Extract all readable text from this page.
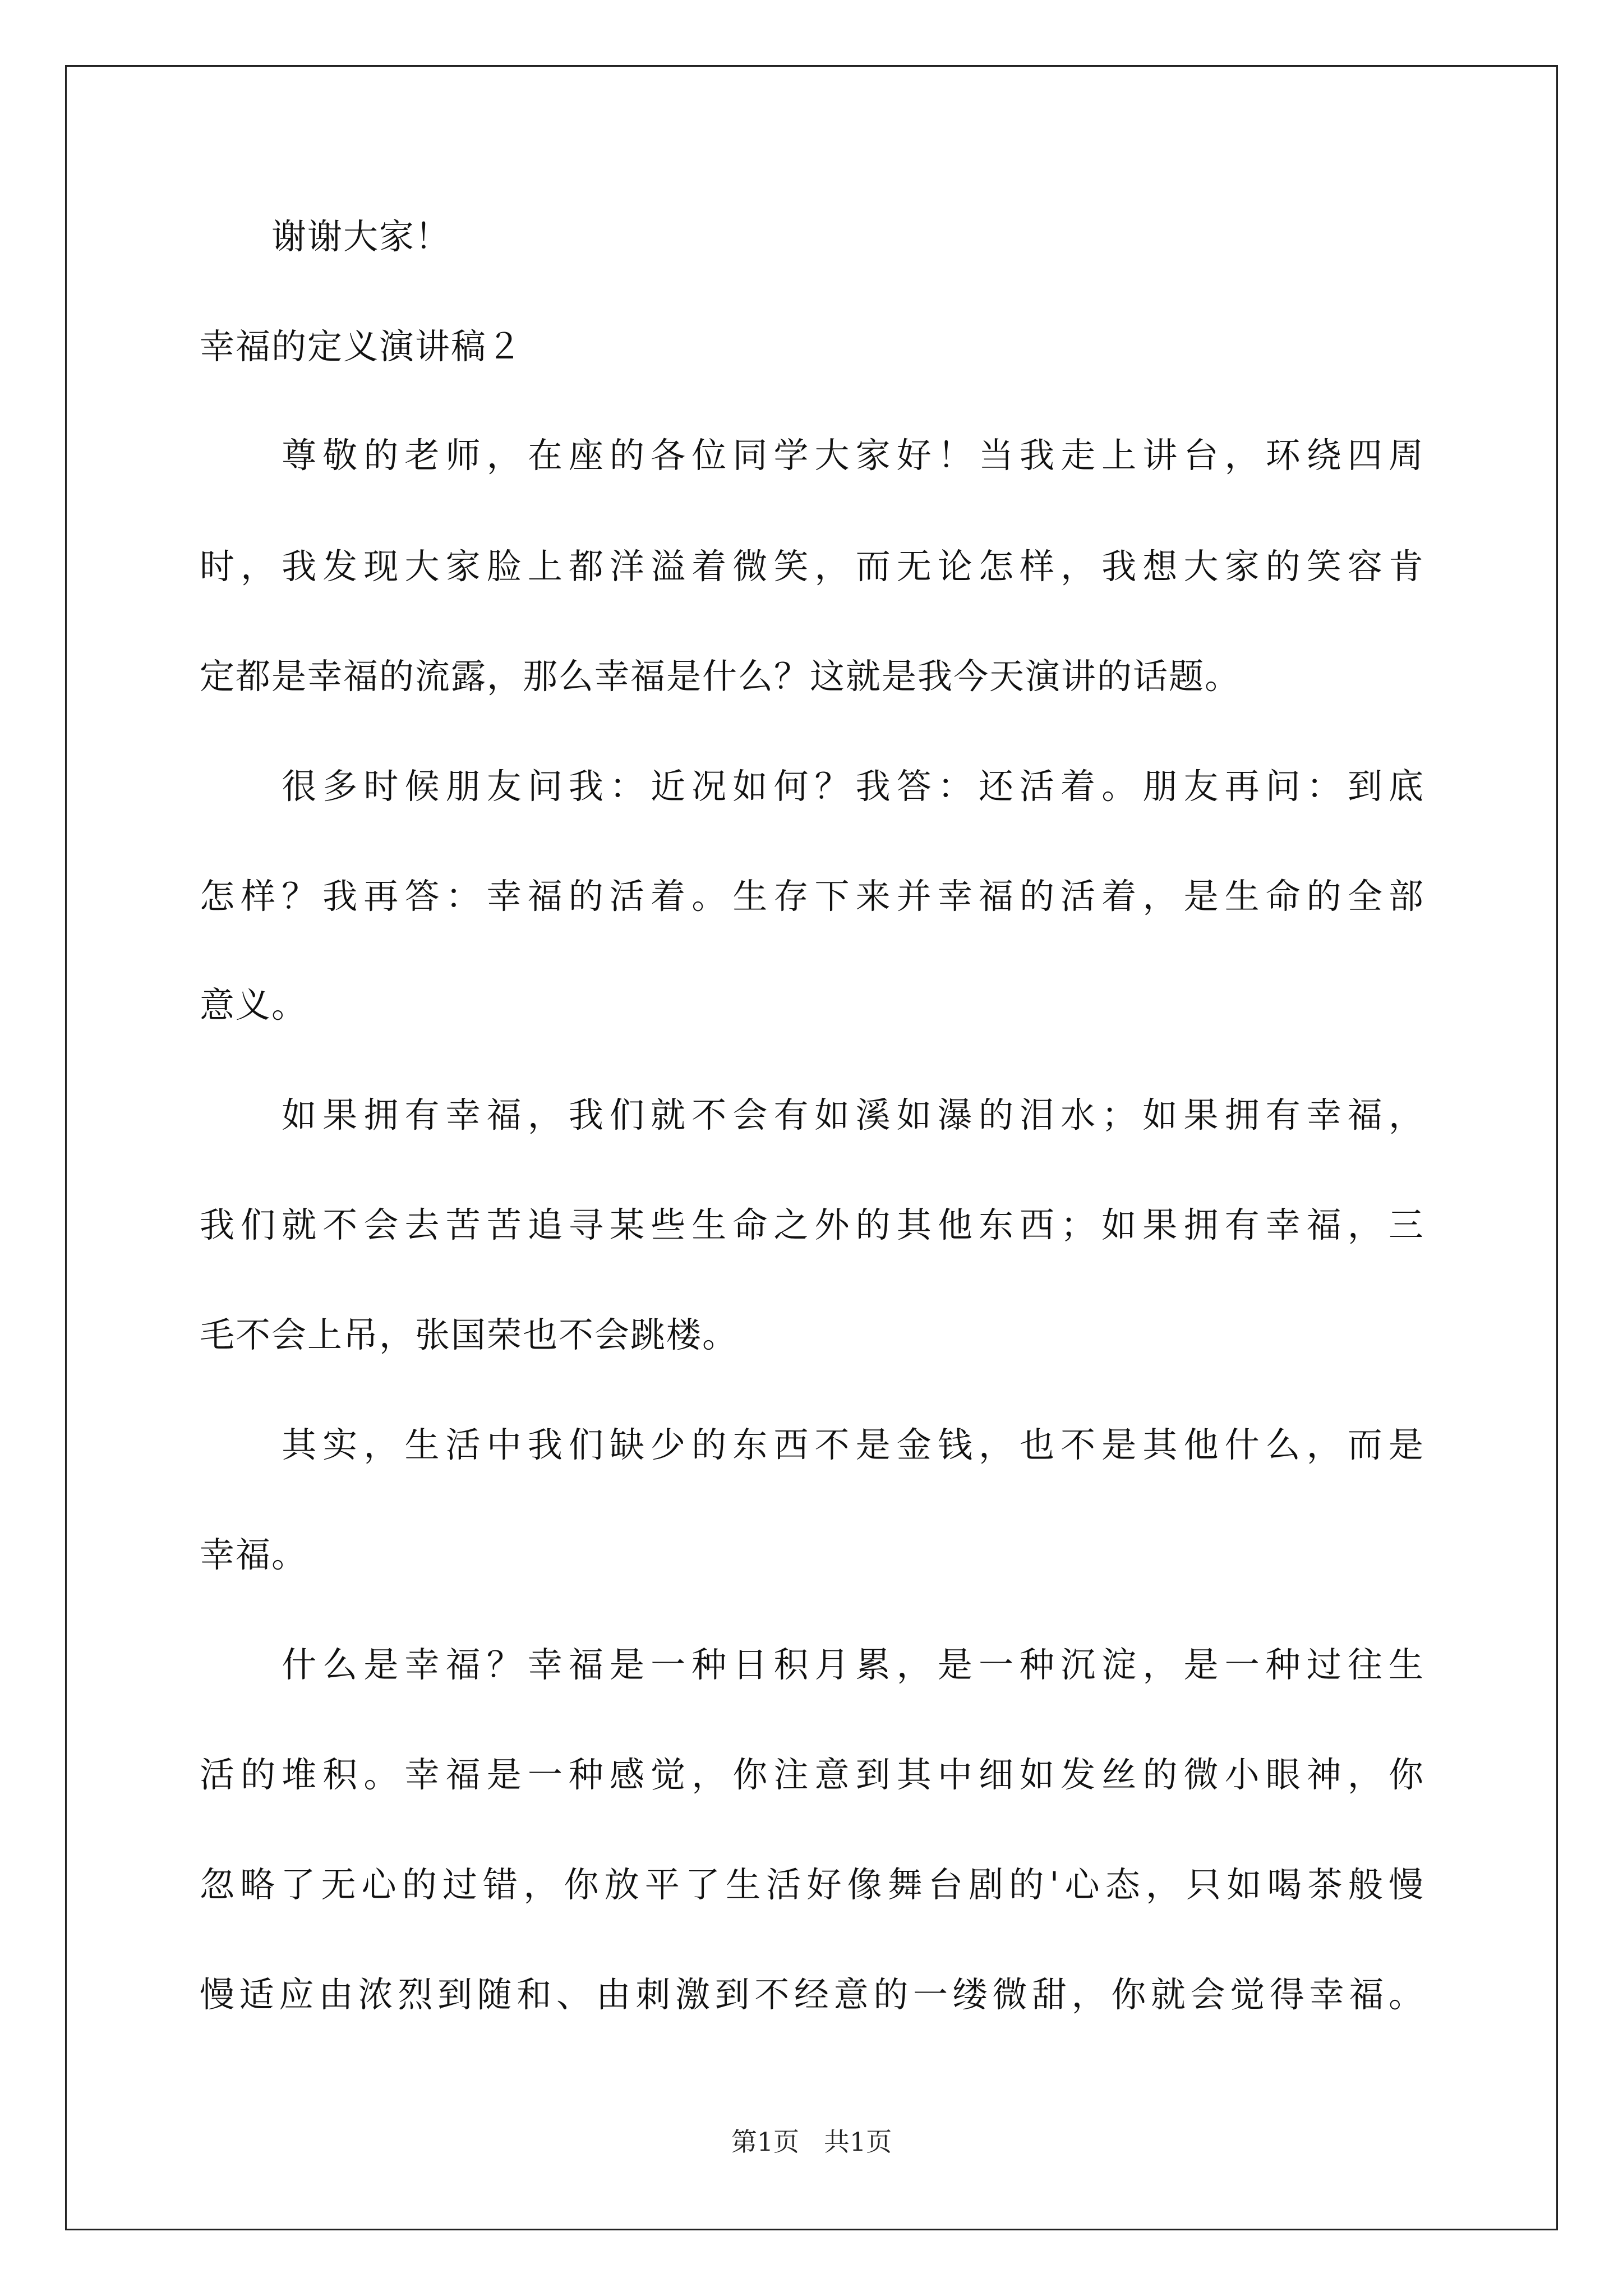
　　谢谢大家！
幸福的定义演讲稿２
　　尊敬的老师，在座的各位同学大家好！当我走上讲台，环绕四周
时，我发现大家脸上都洋溢着微笑，而无论怎样，我想大家的笑容肯
定都是幸福的流露，那么幸福是什么？这就是我今天演讲的话题。
　　很多时候朋友问我：近况如何？我答：还活着。朋友再问：到底
怎样？我再答：幸福的活着。生存下来并幸福的活着，是生命的全部
意义。
　　如果拥有幸福，我们就不会有如溪如瀑的泪水；如果拥有幸福，
我们就不会去苦苦追寻某些生命之外的其他东西；如果拥有幸福，三
毛不会上吊，张国荣也不会跳楼。
　　其实，生活中我们缺少的东西不是金钱，也不是其他什么，而是
幸福。
　　什么是幸福？幸福是一种日积月累，是一种沉淀，是一种过往生
活的堆积。幸福是一种感觉，你注意到其中细如发丝的微小眼神，你
忽略了无心的过错，你放平了生活好像舞台剧的'心态，只如喝茶般慢
慢适应由浓烈到随和、由刺激到不经意的一缕微甜，你就会觉得幸福。
第1页 共1页
